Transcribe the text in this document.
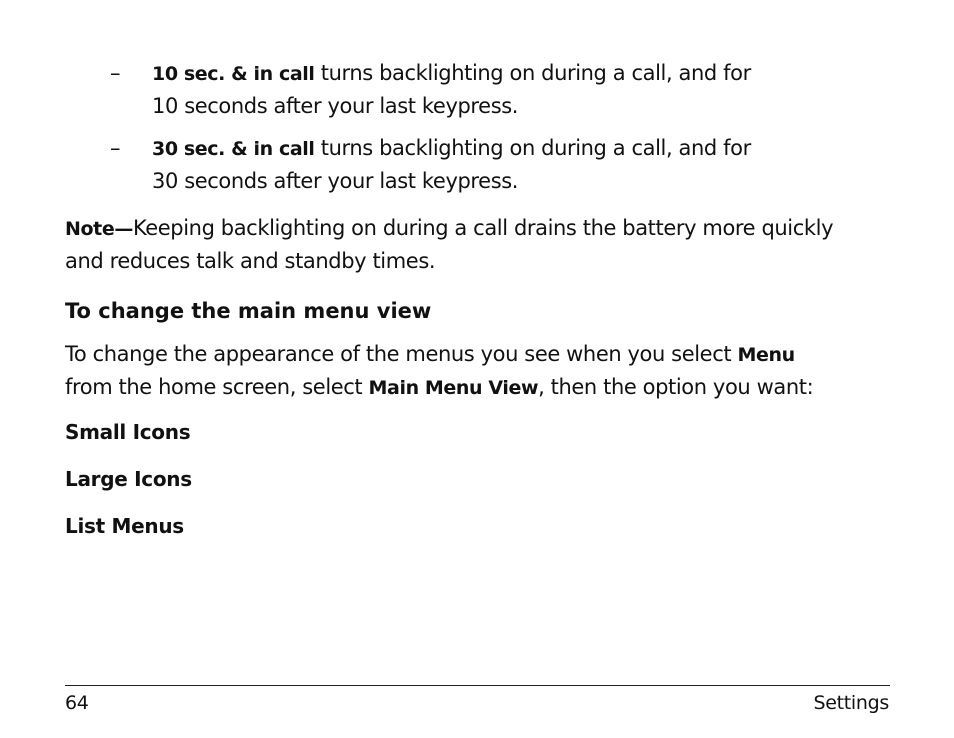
– 10 sec. & in call turns backlighting on during a call, and for
10 seconds after your last keypress.
– 30 sec. & in call turns backlighting on during a call, and for
30 seconds after your last keypress.
Note—Keeping backlighting on during a call drains the battery more quickly
and reduces talk and standby times.
To change the main menu view
To change the appearance of the menus you see when you select Menu
from the home screen, select Main Menu View, then the option you want:
Small Icons
Large Icons
List Menus
64	Settings
